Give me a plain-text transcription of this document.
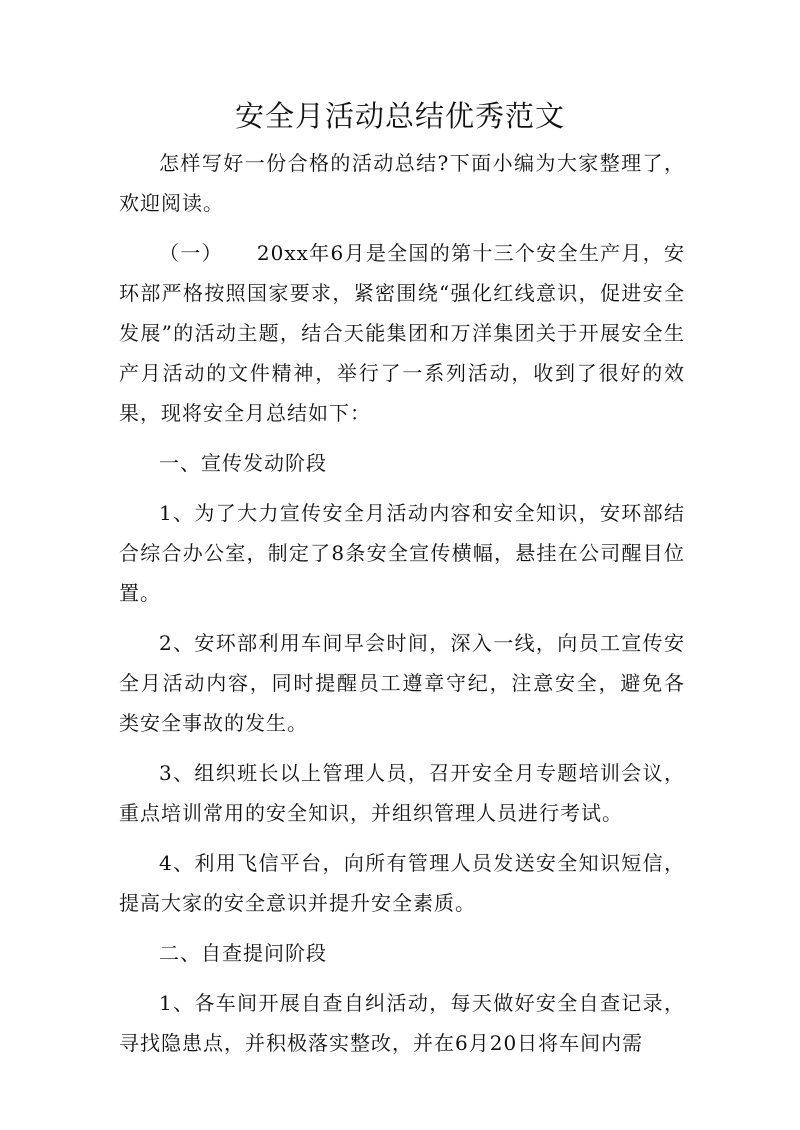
安全月活动总结优秀范文

怎样写好一份合格的活动总结?下面小编为大家整理了，欢迎阅读。

（一） 20xx年6月是全国的第十三个安全生产月，安环部严格按照国家要求，紧密围绕“强化红线意识，促进安全发展”的活动主题，结合天能集团和万洋集团关于开展安全生产月活动的文件精神，举行了一系列活动，收到了很好的效果，现将安全月总结如下：

一、宣传发动阶段

1、为了大力宣传安全月活动内容和安全知识，安环部结合综合办公室，制定了8条安全宣传横幅，悬挂在公司醒目位置。

2、安环部利用车间早会时间，深入一线，向员工宣传安全月活动内容，同时提醒员工遵章守纪，注意安全，避免各类安全事故的发生。

3、组织班长以上管理人员，召开安全月专题培训会议，重点培训常用的安全知识，并组织管理人员进行考试。

4、利用飞信平台，向所有管理人员发送安全知识短信，提高大家的安全意识并提升安全素质。

二、自查提问阶段

1、各车间开展自查自纠活动，每天做好安全自查记录，寻找隐患点，并积极落实整改，并在6月20日将车间内需
